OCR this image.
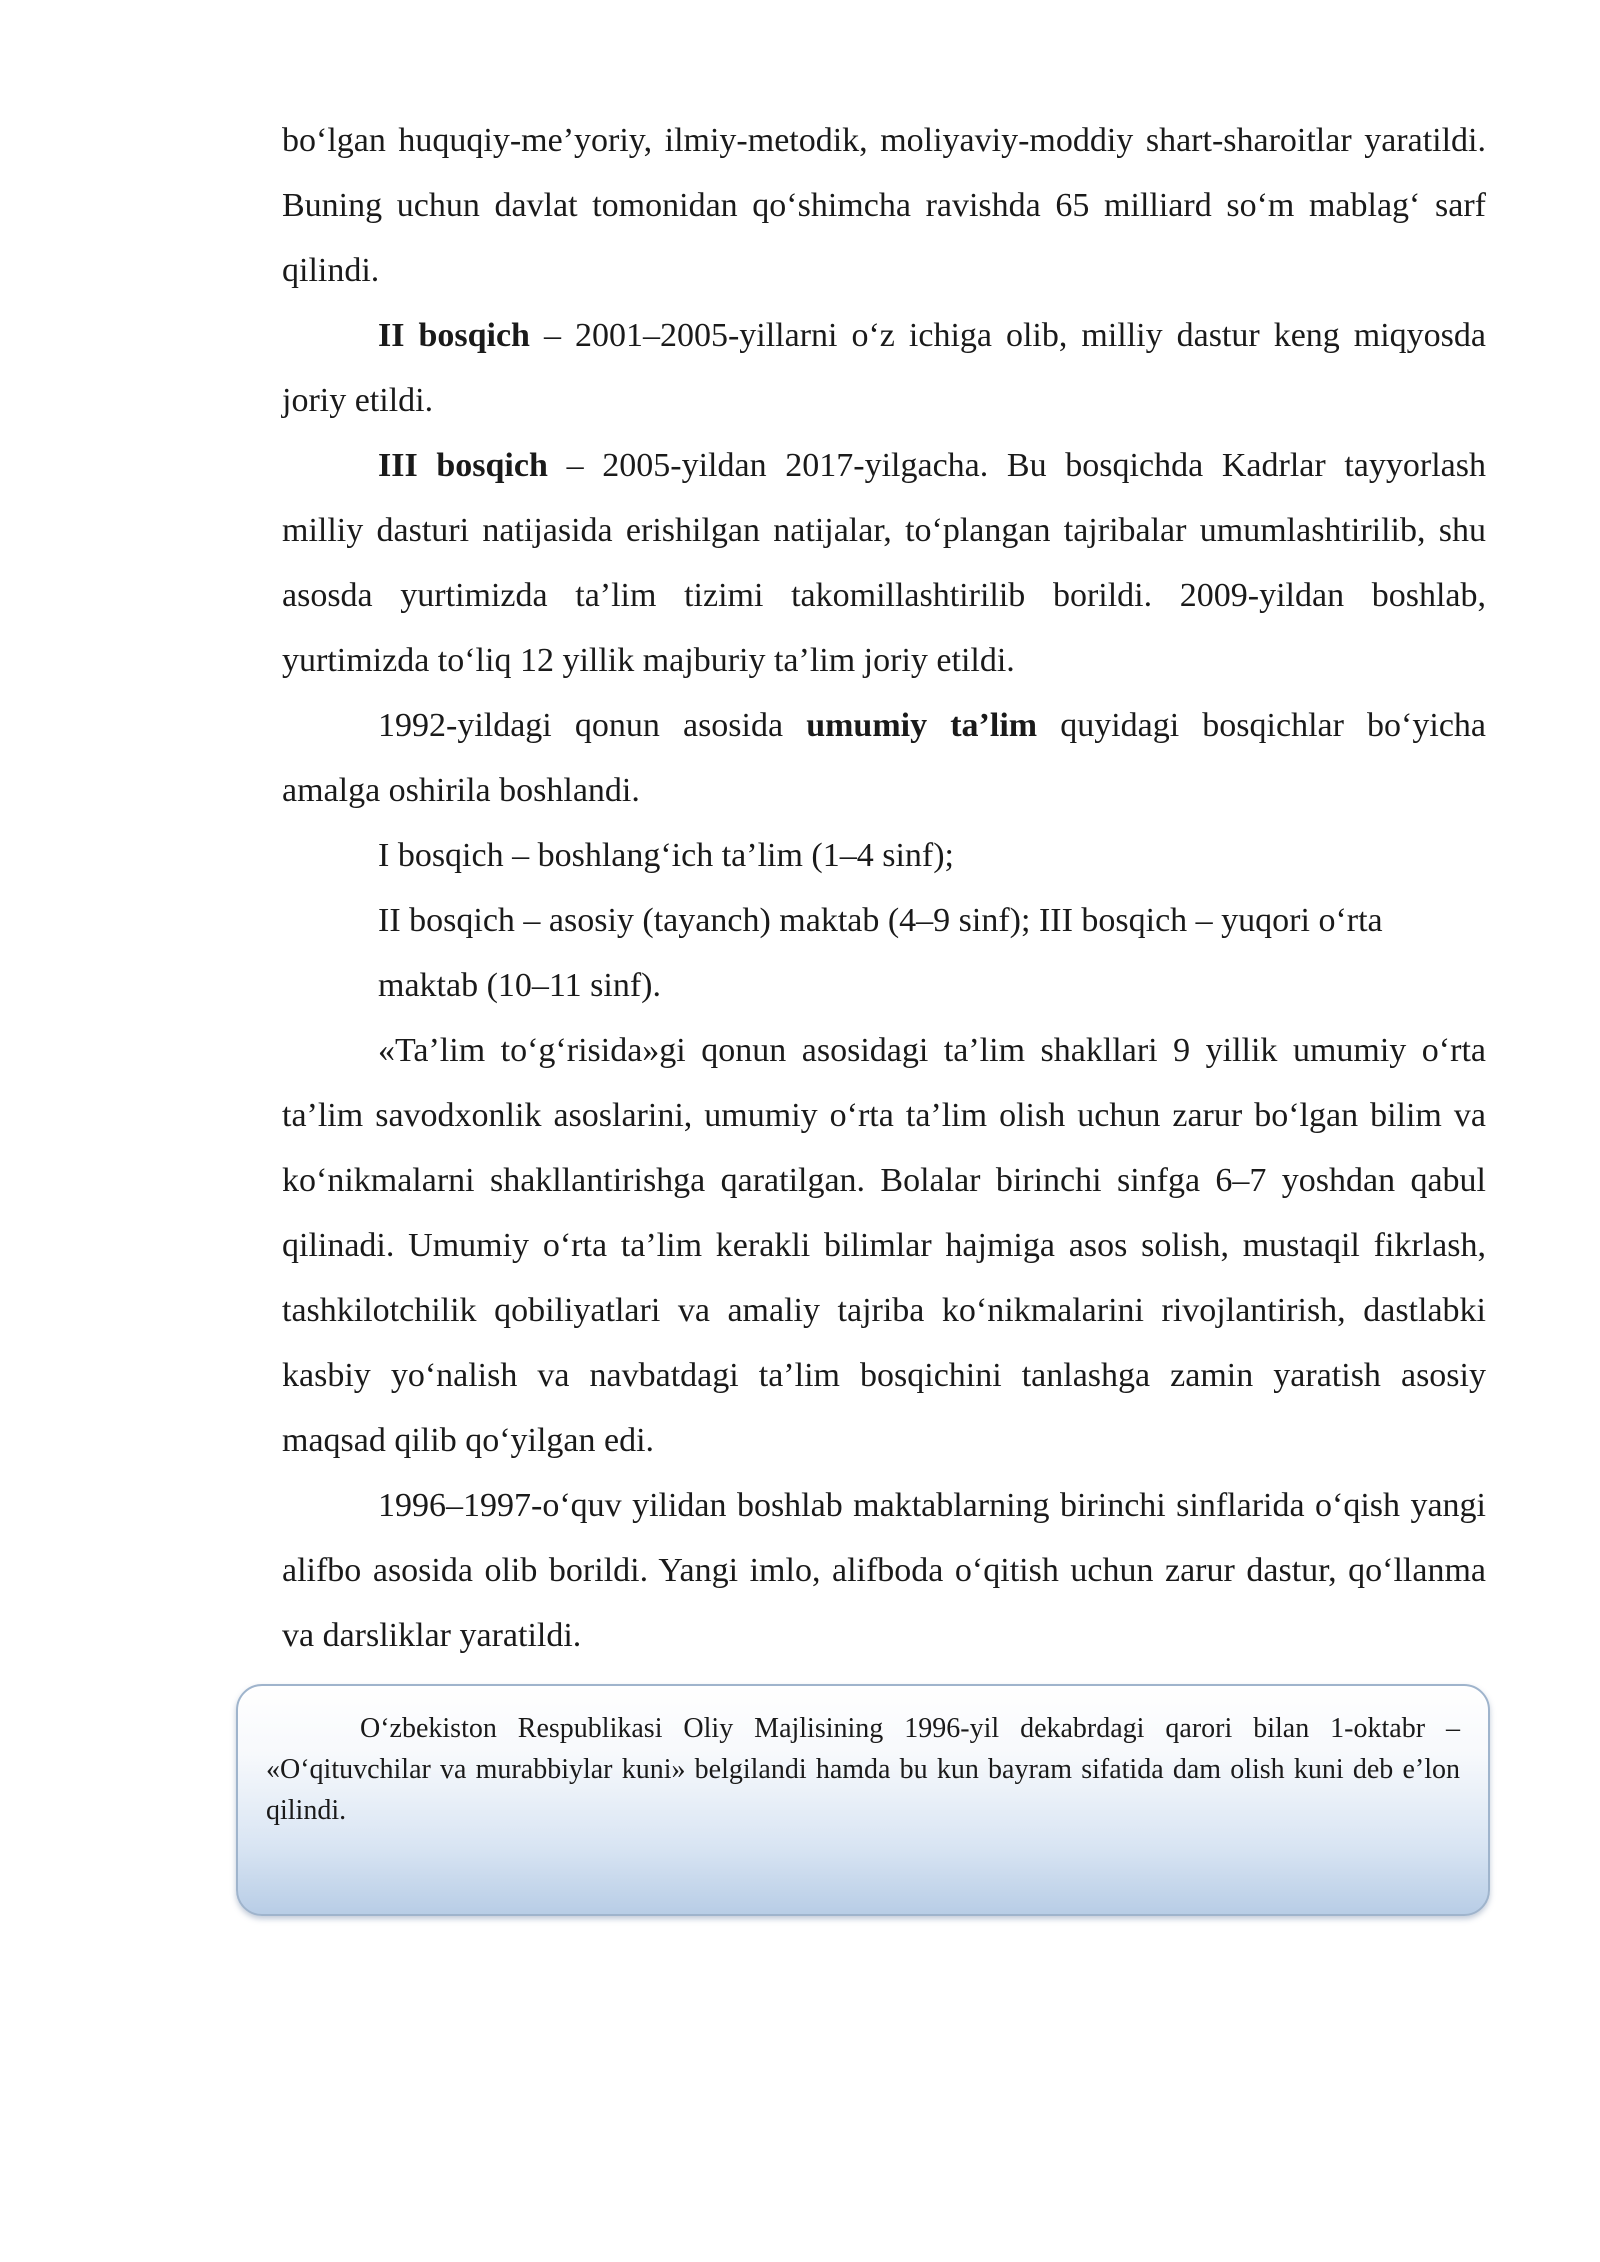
bo‘lgan huquqiy-me’yoriy, ilmiy-metodik, moliyaviy-moddiy shart-sharoitlar yaratildi. Buning uchun davlat tomonidan qo‘shimcha ravishda 65 milliard so‘m mablag‘ sarf qilindi.

II bosqich – 2001–2005-yillarni o‘z ichiga olib, milliy dastur keng miqyosda joriy etildi.

III bosqich – 2005-yildan 2017-yilgacha. Bu bosqichda Kadrlar tayyorlash milliy dasturi natijasida erishilgan natijalar, to‘plangan tajribalar umumlashtirilib, shu asosda yurtimizda ta’lim tizimi takomillashtirilib borildi. 2009-yildan boshlab, yurtimizda to‘liq 12 yillik majburiy ta’lim joriy etildi.

1992-yildagi qonun asosida umumiy ta’lim quyidagi bosqichlar bo‘yicha amalga oshirila boshlandi.

I bosqich – boshlang‘ich ta’lim (1–4 sinf);

II bosqich – asosiy (tayanch) maktab (4–9 sinf); III bosqich – yuqori o‘rta maktab (10–11 sinf).

«Ta’lim to‘g‘risida»gi qonun asosidagi ta’lim shakllari 9 yillik umumiy o‘rta ta’lim savodxonlik asoslarini, umumiy o‘rta ta’lim olish uchun zarur bo‘lgan bilim va ko‘nikmalarni shakllantirishga qaratilgan. Bolalar birinchi sinfga 6–7 yoshdan qabul qilinadi. Umumiy o‘rta ta’lim kerakli bilimlar hajmiga asos solish, mustaqil fikrlash, tashkilotchilik qobiliyatlari va amaliy tajriba ko‘nikmalarini rivojlantirish, dastlabki kasbiy yo‘nalish va navbatdagi ta’lim bosqichini tanlashga zamin yaratish asosiy maqsad qilib qo‘yilgan edi.

1996–1997-o‘quv yilidan boshlab maktablarning birinchi sinflarida o‘qish yangi alifbo asosida olib borildi. Yangi imlo, alifboda o‘qitish uchun zarur dastur, qo‘llanma va darsliklar yaratildi.

O‘zbekiston Respublikasi Oliy Majlisining 1996-yil dekabrdagi qarori bilan 1-oktabr – «O‘qituvchilar va murabbiylar kuni» belgilandi hamda bu kun bayram sifatida dam olish kuni deb e’lon qilindi.
